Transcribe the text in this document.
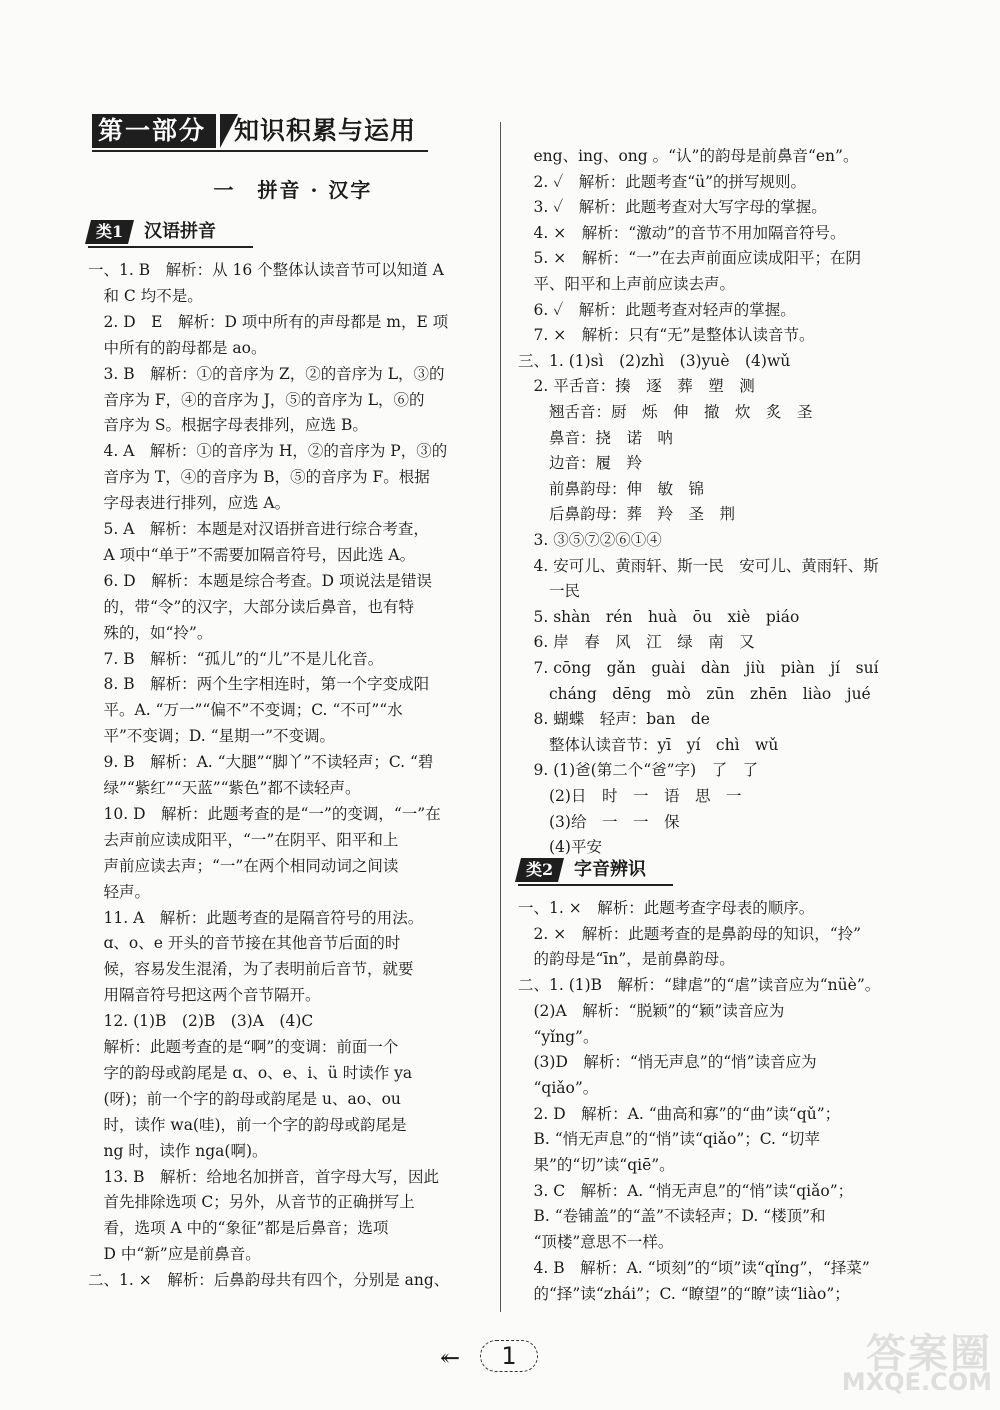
第一部分	知识积累与运用
一　拼音 · 汉字
类1	汉语拼音
一、1. B　解析：从 16 个整体认读音节可以知道 A
　和 C 均不是。
　2. D　E　解析：D 项中所有的声母都是 m，E 项
　中所有的韵母都是 ao。
　3. B　解析：①的音序为 Z，②的音序为 L，③的
　音序为 F，④的音序为 J，⑤的音序为 L，⑥的
　音序为 S。根据字母表排列，应选 B。
　4. A　解析：①的音序为 H，②的音序为 P，③的
　音序为 T，④的音序为 B，⑤的音序为 F。根据
　字母表进行排列，应选 A。
　5. A　解析：本题是对汉语拼音进行综合考查，
　A 项中“单于”不需要加隔音符号，因此选 A。
　6. D　解析：本题是综合考查。D 项说法是错误
　的，带“令”的汉字，大部分读后鼻音，也有特
　殊的，如“拎”。
　7. B　解析：“孤儿”的“儿”不是儿化音。
　8. B　解析：两个生字相连时，第一个字变成阳
　平。A. “万一”“偏不”不变调；C. “不可”“水
　平”不变调；D. “星期一”不变调。
　9. B　解析：A. “大腿”“脚丫”不读轻声；C. “碧
　绿”“紫红”“天蓝”“紫色”都不读轻声。
　10. D　解析：此题考查的是“一”的变调，“一”在
　去声前应读成阳平，“一”在阴平、阳平和上
　声前应读去声；“一”在两个相同动词之间读
　轻声。
　11. A　解析：此题考查的是隔音符号的用法。
　ɑ、o、e 开头的音节接在其他音节后面的时
　候，容易发生混淆，为了表明前后音节，就要
　用隔音符号把这两个音节隔开。
　12. (1)B　(2)B　(3)A　(4)C
　解析：此题考查的是“啊”的变调：前面一个
　字的韵母或韵尾是 ɑ、o、e、i、ü 时读作 ya
　(呀)；前一个字的韵母或韵尾是 u、ao、ou
　时，读作 wa(哇)，前一个字的韵母或韵尾是
　ng 时，读作 nga(啊)。
　13. B　解析：给地名加拼音，首字母大写，因此
　首先排除选项 C；另外，从音节的正确拼写上
　看，选项 A 中的“象征”都是后鼻音；选项
　D 中“新”应是前鼻音。
二、1. ×　解析：后鼻韵母共有四个，分别是 ang、
　eng、ing、ong 。“认”的韵母是前鼻音“en”。
　2. ✓　解析：此题考查“ü”的拼写规则。
　3. ✓　解析：此题考查对大写字母的掌握。
　4. ×　解析：“激动”的音节不用加隔音符号。
　5. ×　解析：“一”在去声前面应读成阳平；在阴
　平、阳平和上声前应读去声。
　6. ✓　解析：此题考查对轻声的掌握。
　7. ×　解析：只有“无”是整体认读音节。
三、1. (1)sì　(2)zhì　(3)yuè　(4)wǔ
　2. 平舌音：揍　逐　葬　塑　测
　　翘舌音：厨　烁　伸　撤　炊　炙　圣
　　鼻音：挠　诺　呐
　　边音：履　羚
　　前鼻韵母：伸　敏　锦
　　后鼻韵母：葬　羚　圣　荆
　3. ③⑤⑦②⑥①④
　4. 安可儿、黄雨轩、斯一民　安可儿、黄雨轩、斯
　　一民
　5. shàn　rén　huà　ōu　xiè　piáo
　6. 岸　春　风　江　绿　南　又
　7. cōng　gǎn　guài　dàn　jiù　piàn　jí　suí
　　cháng　dēng　mò　zūn　zhēn　liào　jué
　8. 蝴蝶　轻声：ban　de
　　整体认读音节：yī　yí　chì　wǔ
　9. (1)爸(第二个“爸”字)　了　了
　　(2)日　时　一　语　思　一
　　(3)给　一　一　保
　　(4)平安
类2	字音辨识
一、1. ×　解析：此题考查字母表的顺序。
　2. ×　解析：此题考查的是鼻韵母的知识，“拎”
　的韵母是“īn”，是前鼻韵母。
二、1. (1)B　解析：“肆虐”的“虐”读音应为“nüè”。
　(2)A　解析：“脱颖”的“颖”读音应为
　“yǐng”。
　(3)D　解析：“悄无声息”的“悄”读音应为
　“qiǎo”。
　2. D　解析：A. “曲高和寡”的“曲”读“qǔ”；
　B. “悄无声息”的“悄”读“qiǎo”；C. “切苹
　果”的“切”读“qiē”。
　3. C　解析：A. “悄无声息”的“悄”读“qiǎo”；
　B. “卷铺盖”的“盖”不读轻声；D. “楼顶”和
　“顶楼”意思不一样。
　4. B　解析：A. “顷刻”的“顷”读“qǐng”，“择菜”
　的“择”读“zhái”；C. “瞭望”的“瞭”读“liào”；
↞	1	答案圈
MXQE.COM
